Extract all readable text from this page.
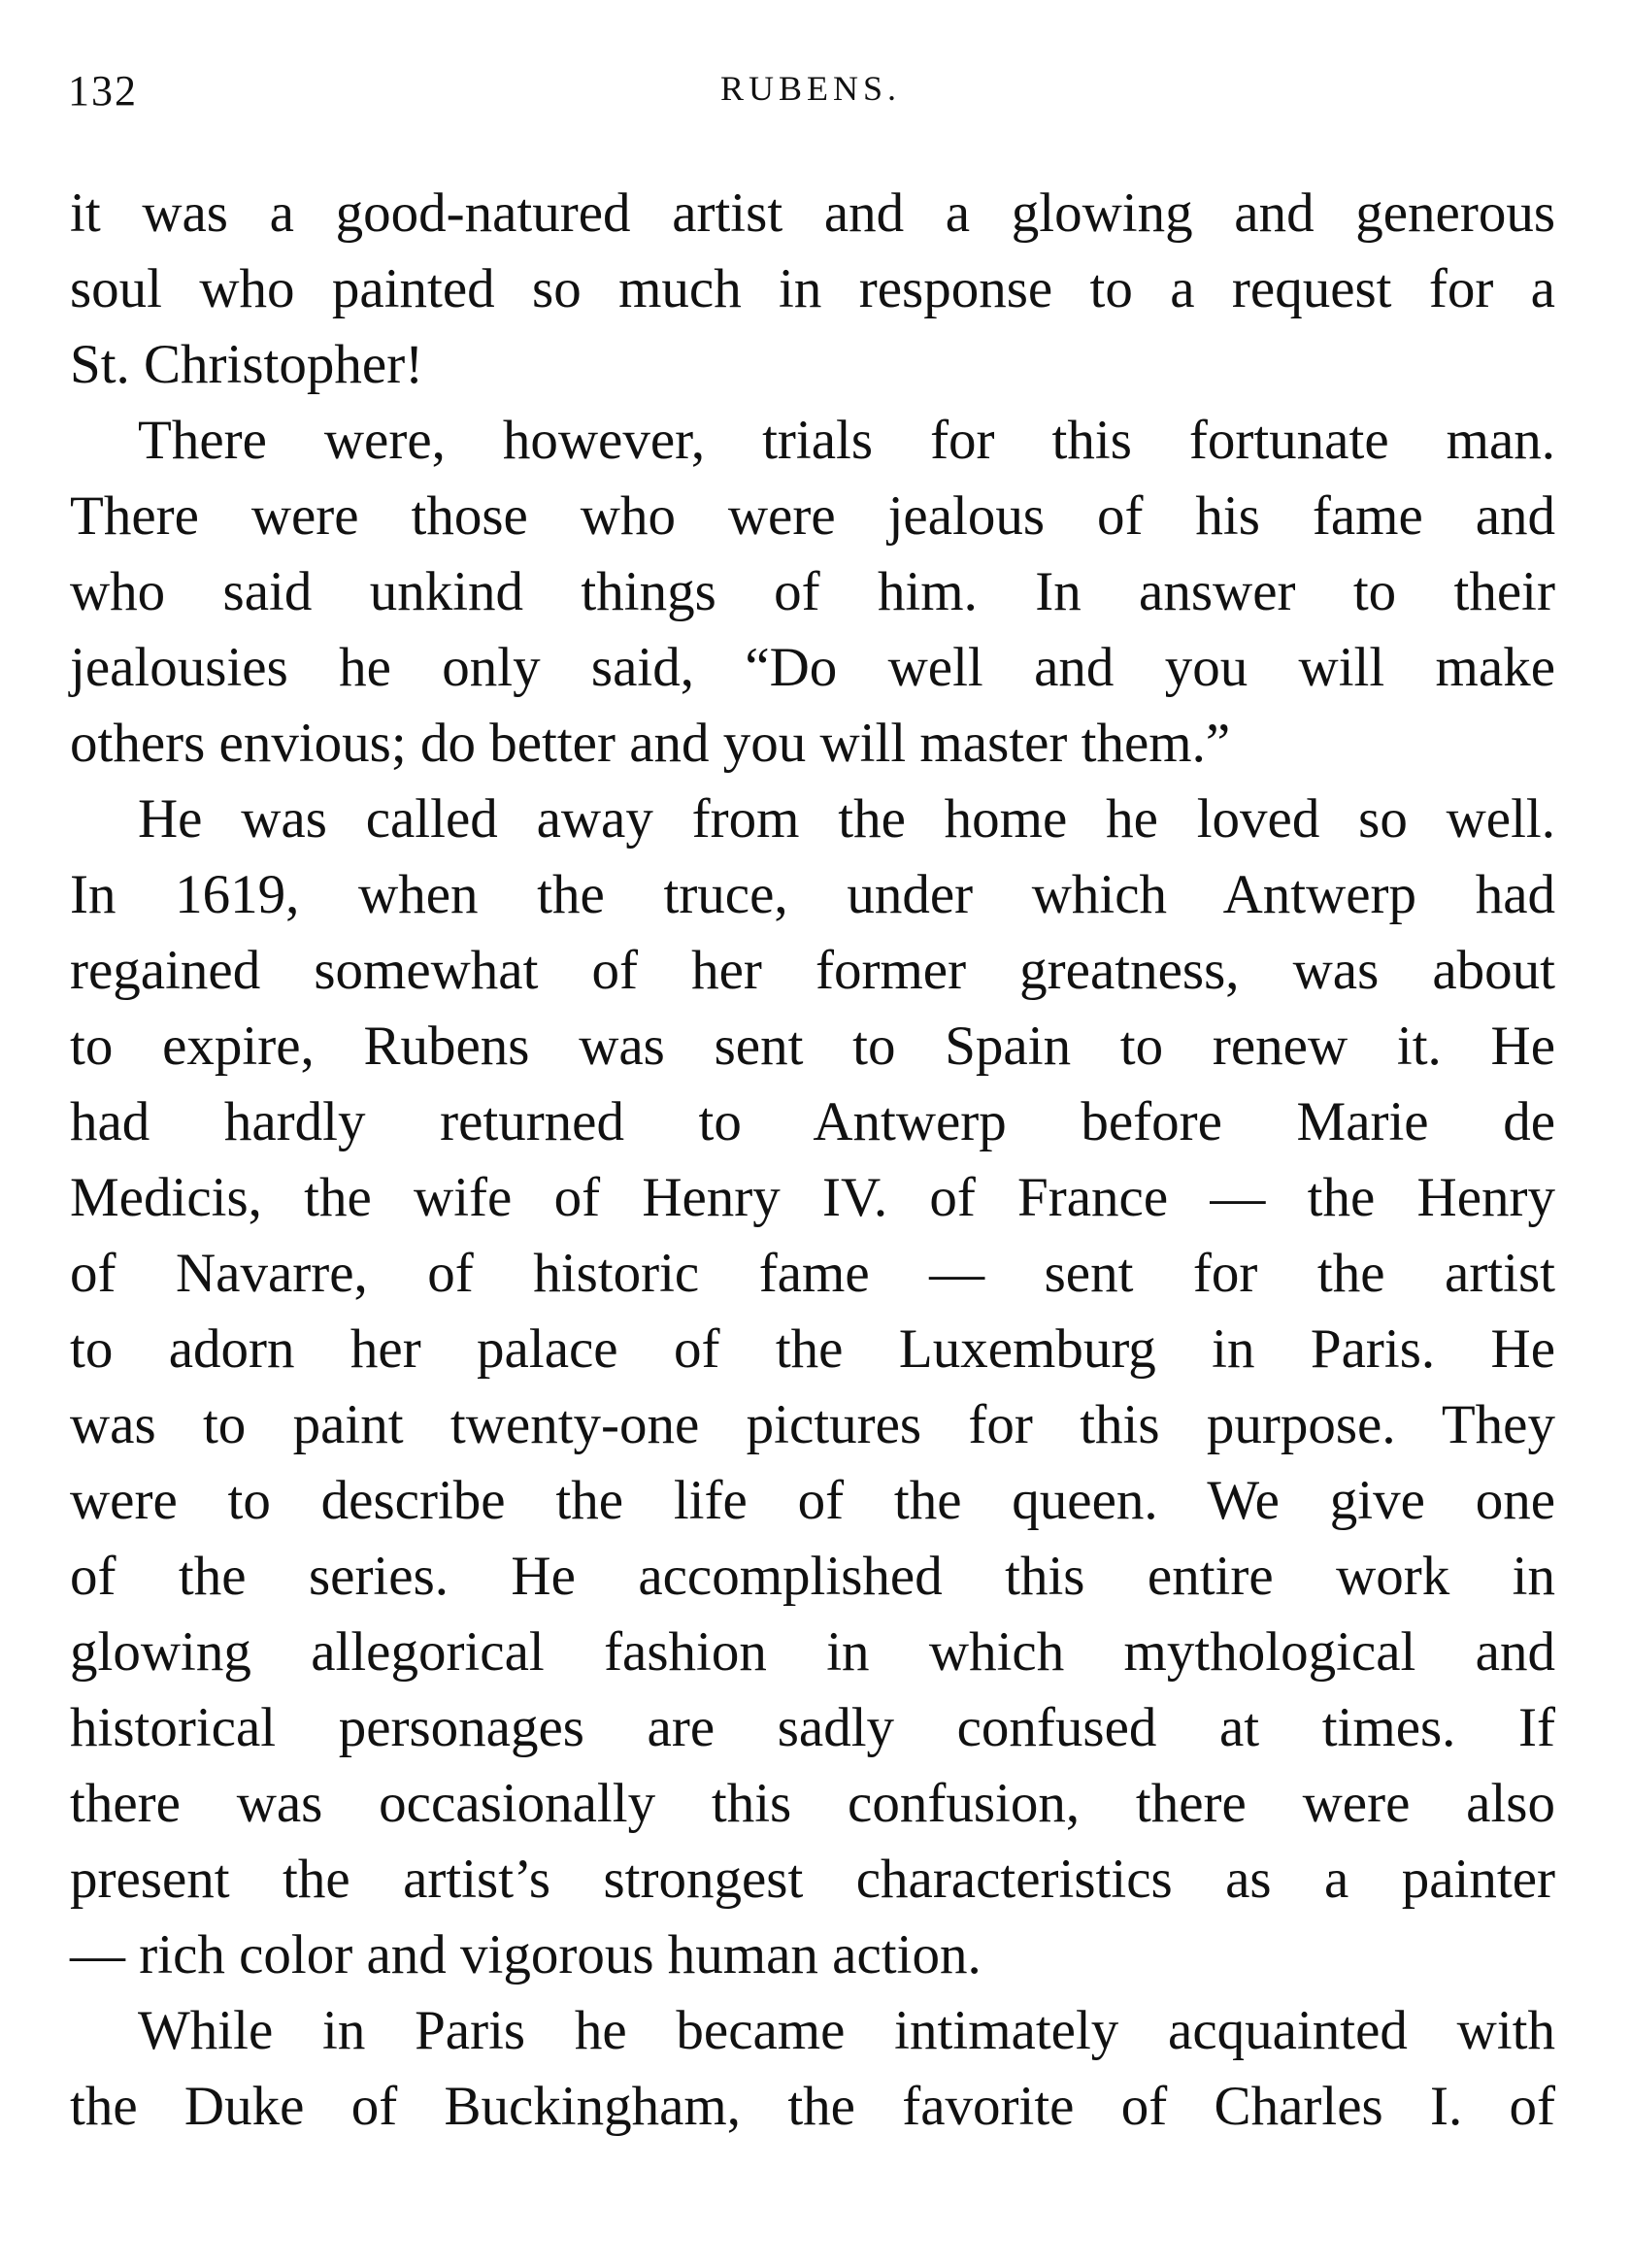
132	RUBENS.
it was a good-natured artist and a glowing and generous
soul who painted so much in response to a request for a
St. Christopher!
There were, however, trials for this fortunate man.
There were those who were jealous of his fame and
who said unkind things of him. In answer to their
jealousies he only said, “Do well and you will make
others envious; do better and you will master them.”
He was called away from the home he loved so well.
In 1619, when the truce, under which Antwerp had
regained somewhat of her former greatness, was about
to expire, Rubens was sent to Spain to renew it. He
had hardly returned to Antwerp before Marie de
Medicis, the wife of Henry IV. of France — the Henry
of Navarre, of historic fame — sent for the artist
to adorn her palace of the Luxemburg in Paris. He
was to paint twenty-one pictures for this purpose. They
were to describe the life of the queen. We give one
of the series. He accomplished this entire work in
glowing allegorical fashion in which mythological and
historical personages are sadly confused at times. If
there was occasionally this confusion, there were also
present the artist’s strongest characteristics as a painter
— rich color and vigorous human action.
While in Paris he became intimately acquainted with
the Duke of Buckingham, the favorite of Charles I. of
